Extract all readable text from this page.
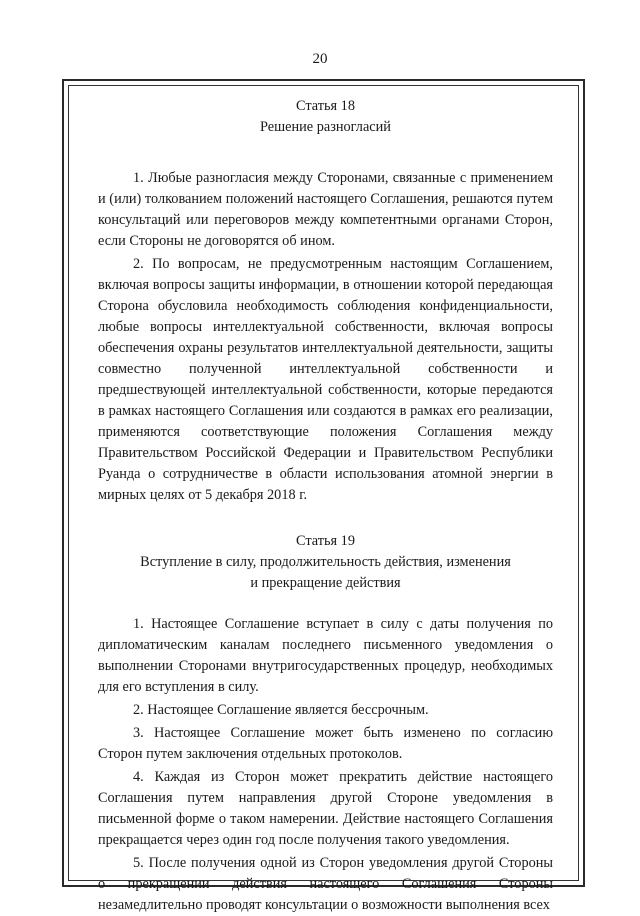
20

Статья 18

Решение разногласий

1. Любые разногласия между Сторонами, связанные с применением и (или) толкованием положений настоящего Соглашения, решаются путем консультаций или переговоров между компетентными органами Сторон, если Стороны не договорятся об ином.

2. По вопросам, не предусмотренным настоящим Соглашением, включая вопросы защиты информации, в отношении которой передающая Сторона обусловила необходимость соблюдения конфиденциальности, любые вопросы интеллектуальной собственности, включая вопросы обеспечения охраны результатов интеллектуальной деятельности, защиты совместно полученной интеллектуальной собственности и предшествующей интеллектуальной собственности, которые передаются в рамках настоящего Соглашения или создаются в рамках его реализации, применяются соответствующие положения Соглашения между Правительством Российской Федерации и Правительством Республики Руанда о сотрудничестве в области использования атомной энергии в мирных целях от 5 декабря 2018 г.

Статья 19

Вступление в силу, продолжительность действия, изменения и прекращение действия

1. Настоящее Соглашение вступает в силу с даты получения по дипломатическим каналам последнего письменного уведомления о выполнении Сторонами внутригосударственных процедур, необходимых для его вступления в силу.

2. Настоящее Соглашение является бессрочным.

3. Настоящее Соглашение может быть изменено по согласию Сторон путем заключения отдельных протоколов.

4. Каждая из Сторон может прекратить действие настоящего Соглашения путем направления другой Стороне уведомления в письменной форме о таком намерении. Действие настоящего Соглашения прекращается через один год после получения такого уведомления.

5. После получения одной из Сторон уведомления другой Стороны о прекращении действия настоящего Соглашения Стороны незамедлительно проводят консультации о возможности выполнения всех
